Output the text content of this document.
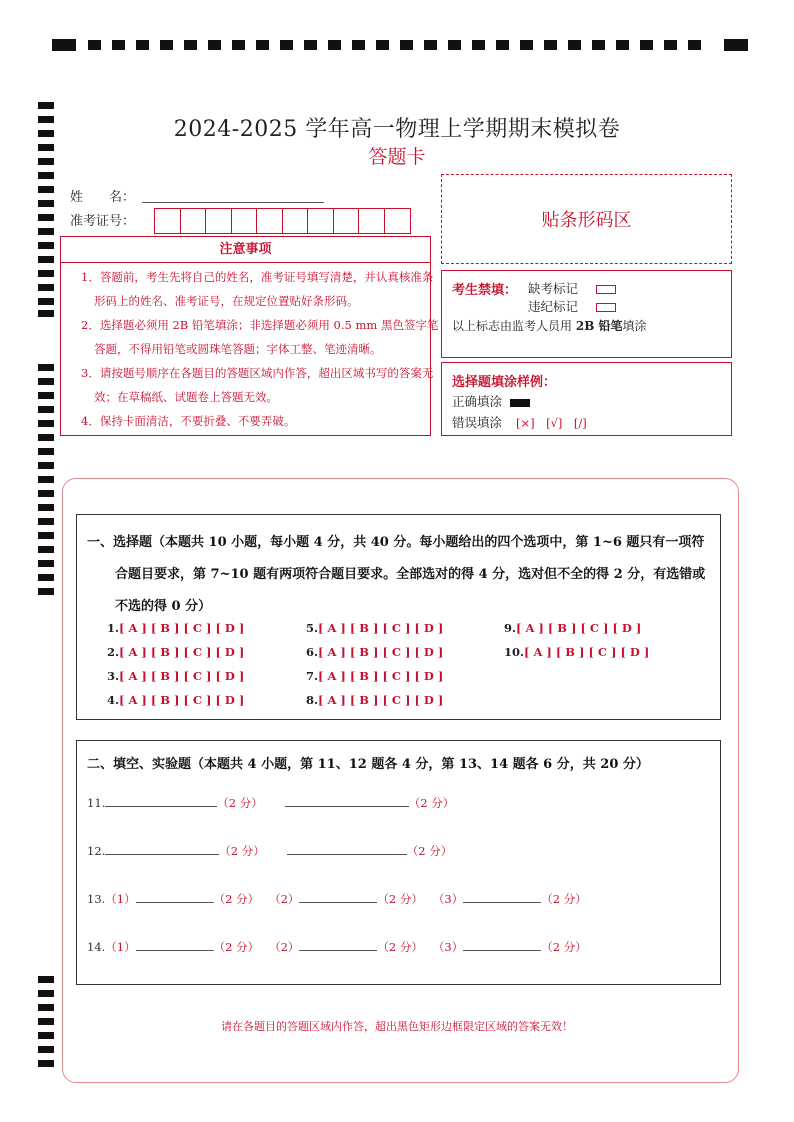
2024-2025 学年高一物理上学期期末模拟卷
答题卡
姓　　名：
准考证号：	贴条形码区
注意事项

1．答题前，考生先将自己的姓名，准考证号填写清楚，并认真核准条形码上的姓名、准考证号，在规定位置贴好条形码。

2．选择题必须用 2B 铅笔填涂；非选择题必须用 0.5 mm 黑色签字笔答题，不得用铅笔或圆珠笔答题；字体工整、笔迹清晰。

3．请按题号顺序在各题目的答题区域内作答，超出区域书写的答案无效；在草稿纸、试题卷上答题无效。

4．保持卡面清洁，不要折叠、不要弄破。

考生禁填： 缺考标记
违纪标记
以上标志由监考人员用 2B 铅笔填涂
选择题填涂样例：
正确填涂
错误填涂 [×]　[√]　[/]
一、选择题（本题共 10 小题，每小题 4 分，共 40 分。每小题给出的四个选项中，第 1~6 题只有一项符合题目要求，第 7~10 题有两项符合题目要求。全部选对的得 4 分，选对但不全的得 2 分，有选错或不选的得 0 分）
1.[ A ] [ B ] [ C ] [ D ]
2.[ A ] [ B ] [ C ] [ D ]
3.[ A ] [ B ] [ C ] [ D ]
4.[ A ] [ B ] [ C ] [ D ]
5.[ A ] [ B ] [ C ] [ D ]
6.[ A ] [ B ] [ C ] [ D ]
7.[ A ] [ B ] [ C ] [ D ]
8.[ A ] [ B ] [ C ] [ D ]
9.[ A ] [ B ] [ C ] [ D ]
10.[ A ] [ B ] [ C ] [ D ]
二、填空、实验题（本题共 4 小题，第 11、12 题各 4 分，第 13、14 题各 6 分，共 20 分）
11.	（2 分）	（2 分）
12.	（2 分）	（2 分）
13.（1）	（2 分） （2）	（2 分） （3）	（2 分）
14.（1）	（2 分） （2）	（2 分） （3）	（2 分）
请在各题目的答题区域内作答，超出黑色矩形边框限定区域的答案无效！
